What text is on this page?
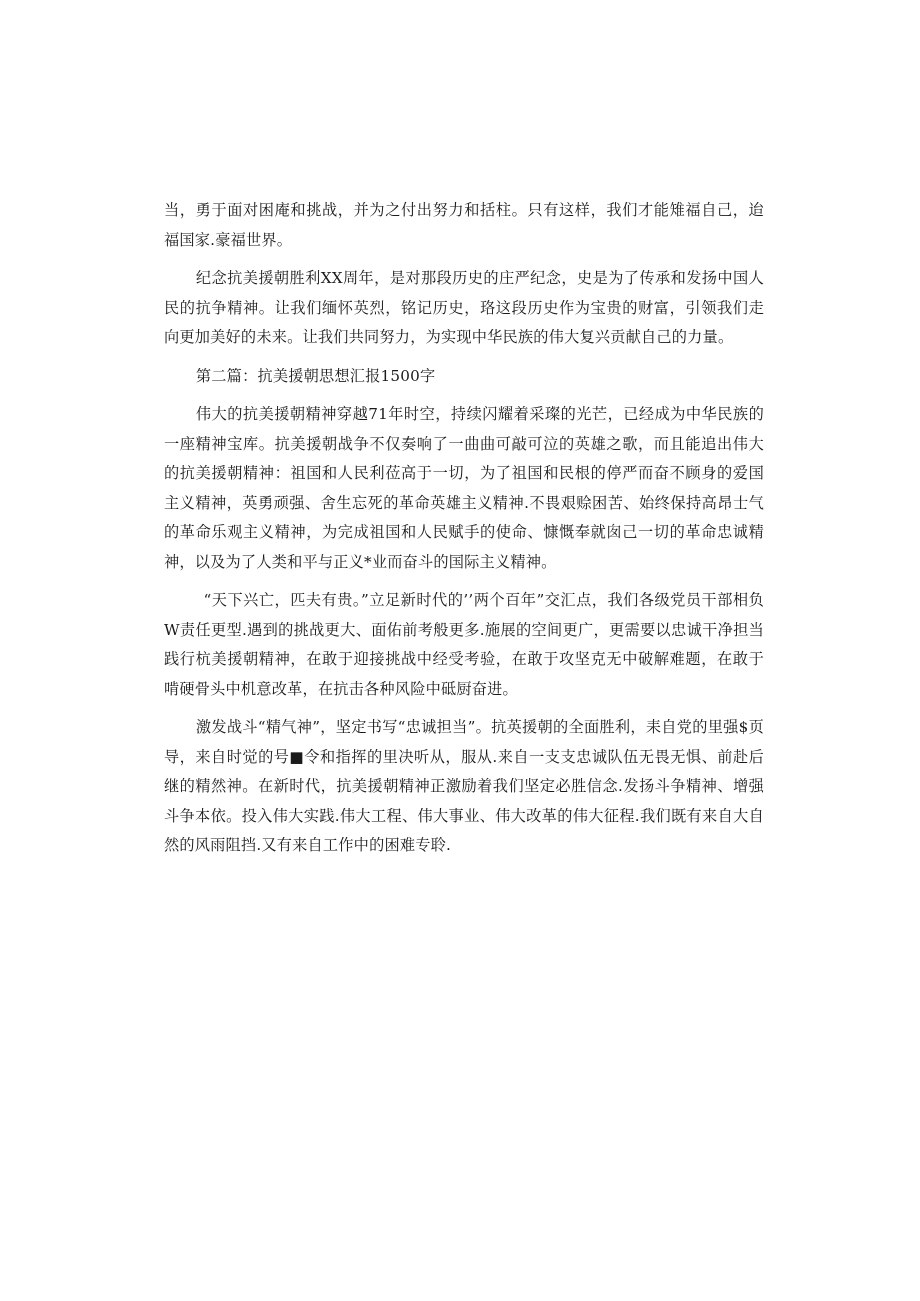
当，勇于面对困庵和挑战，并为之付出努力和括柱。只有这样，我们才能雉福自己，迨福国家.豪福世界。

纪念抗美援朝胜利XX周年，是对那段历史的庄严纪念，史是为了传承和发扬中国人民的抗争精神。让我们缅怀英烈，铭记历史，珞这段历史作为宝贵的财富，引领我们走向更加美好的未来。让我们共同努力，为实现中华民族的伟大复兴贡献自己的力量。

第二篇：抗美援朝思想汇报1500字

伟大的抗美援朝精神穿越71年时空，持续闪耀着采璨的光芒，已经成为中华民族的一座精神宝库。抗美援朝战争不仅奏响了一曲曲可敲可泣的英雄之歌，而且能追出伟大的抗美援朝精神：祖国和人民利莅高于一切，为了祖国和民根的停严而奋不顾身的爱国主义精神，英勇顽强、舍生忘死的革命英雄主义精神.不畏艰赊困苦、始终保持高昂士气的革命乐观主义精神，为完成祖国和人民赋手的使命、慷慨奉就囱己一切的革命忠诚精神，以及为了人类和平与正义*业而奋斗的国际主义精神。

“天下兴亡，匹夫有贵。”立足新时代的’’两个百年”交汇点，我们各级党员干部相负W责任更型.遇到的挑战更大、面佑前考般更多.施展的空间更广，更需要以忠诚干净担当践行杭美援朝精神，在敢于迎接挑战中经受考验，在敢于攻坚克无中破解难题，在敢于啃硬骨头中机意改革，在抗击各种风险中砥厨奋进。

激发战斗“精气神”，坚定书写“忠诚担当”。抗英援朝的全面胜利，耒自党的里强$页导，来自时觉的号■令和指挥的里决听从，服从.来自一支支忠诚队伍无畏无惧、前赴后继的精然神。在新时代，抗美援朝精神正激励着我们坚定必胜信念.发扬斗争精神、增强斗争本依。投入伟大实践.伟大工程、伟大事业、伟大改革的伟大征程.我们既有来自大自然的风雨阻挡.又有来自工作中的困难专聆.
